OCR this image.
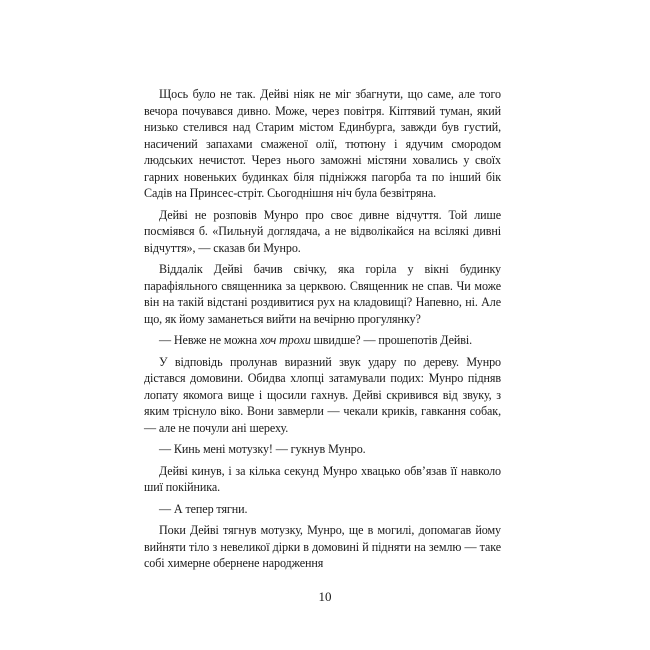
Щось було не так. Дейві ніяк не міг збагнути, що саме, але того вечора почувався дивно. Може, через повітря. Кіптявий туман, який низько стелився над Старим містом Единбурга, завжди був густий, насичений запахами смаженої олії, тютюну і ядучим смородом людських нечистот. Через нього заможні містяни ховались у своїх гарних новеньких будинках біля підніжжя пагорба та по інший бік Садів на Принсес-стріт. Сьогоднішня ніч була безвітряна.

Дейві не розповів Мунро про своє дивне відчуття. Той лише посміявся б. «Пильнуй доглядача, а не відволікайся на всілякі дивні відчуття», — сказав би Мунро.

Віддалік Дейві бачив свічку, яка горіла у вікні будинку парафіяльного священника за церквою. Священник не спав. Чи може він на такій відстані роздивитися рух на кладовищі? Напевно, ні. Але що, як йому заманеться вийти на вечірню прогулянку?

— Невже не можна хоч трохи швидше? — прошепотів Дейві.

У відповідь пролунав виразний звук удару по дереву. Мунро дістався домовини. Обидва хлопці затамували подих: Мунро підняв лопату якомога вище і щосили гахнув. Дейві скривився від звуку, з яким тріснуло віко. Вони завмерли — чекали криків, гавкання собак, — але не почули ані шереху.

— Кинь мені мотузку! — гукнув Мунро.

Дейві кинув, і за кілька секунд Мунро хвацько обв’язав її навколо шиї покійника.

— А тепер тягни.

Поки Дейві тягнув мотузку, Мунро, ще в могилі, допомагав йому вийняти тіло з невеликої дірки в домовині й підняти на землю — таке собі химерне обернене народження

10
